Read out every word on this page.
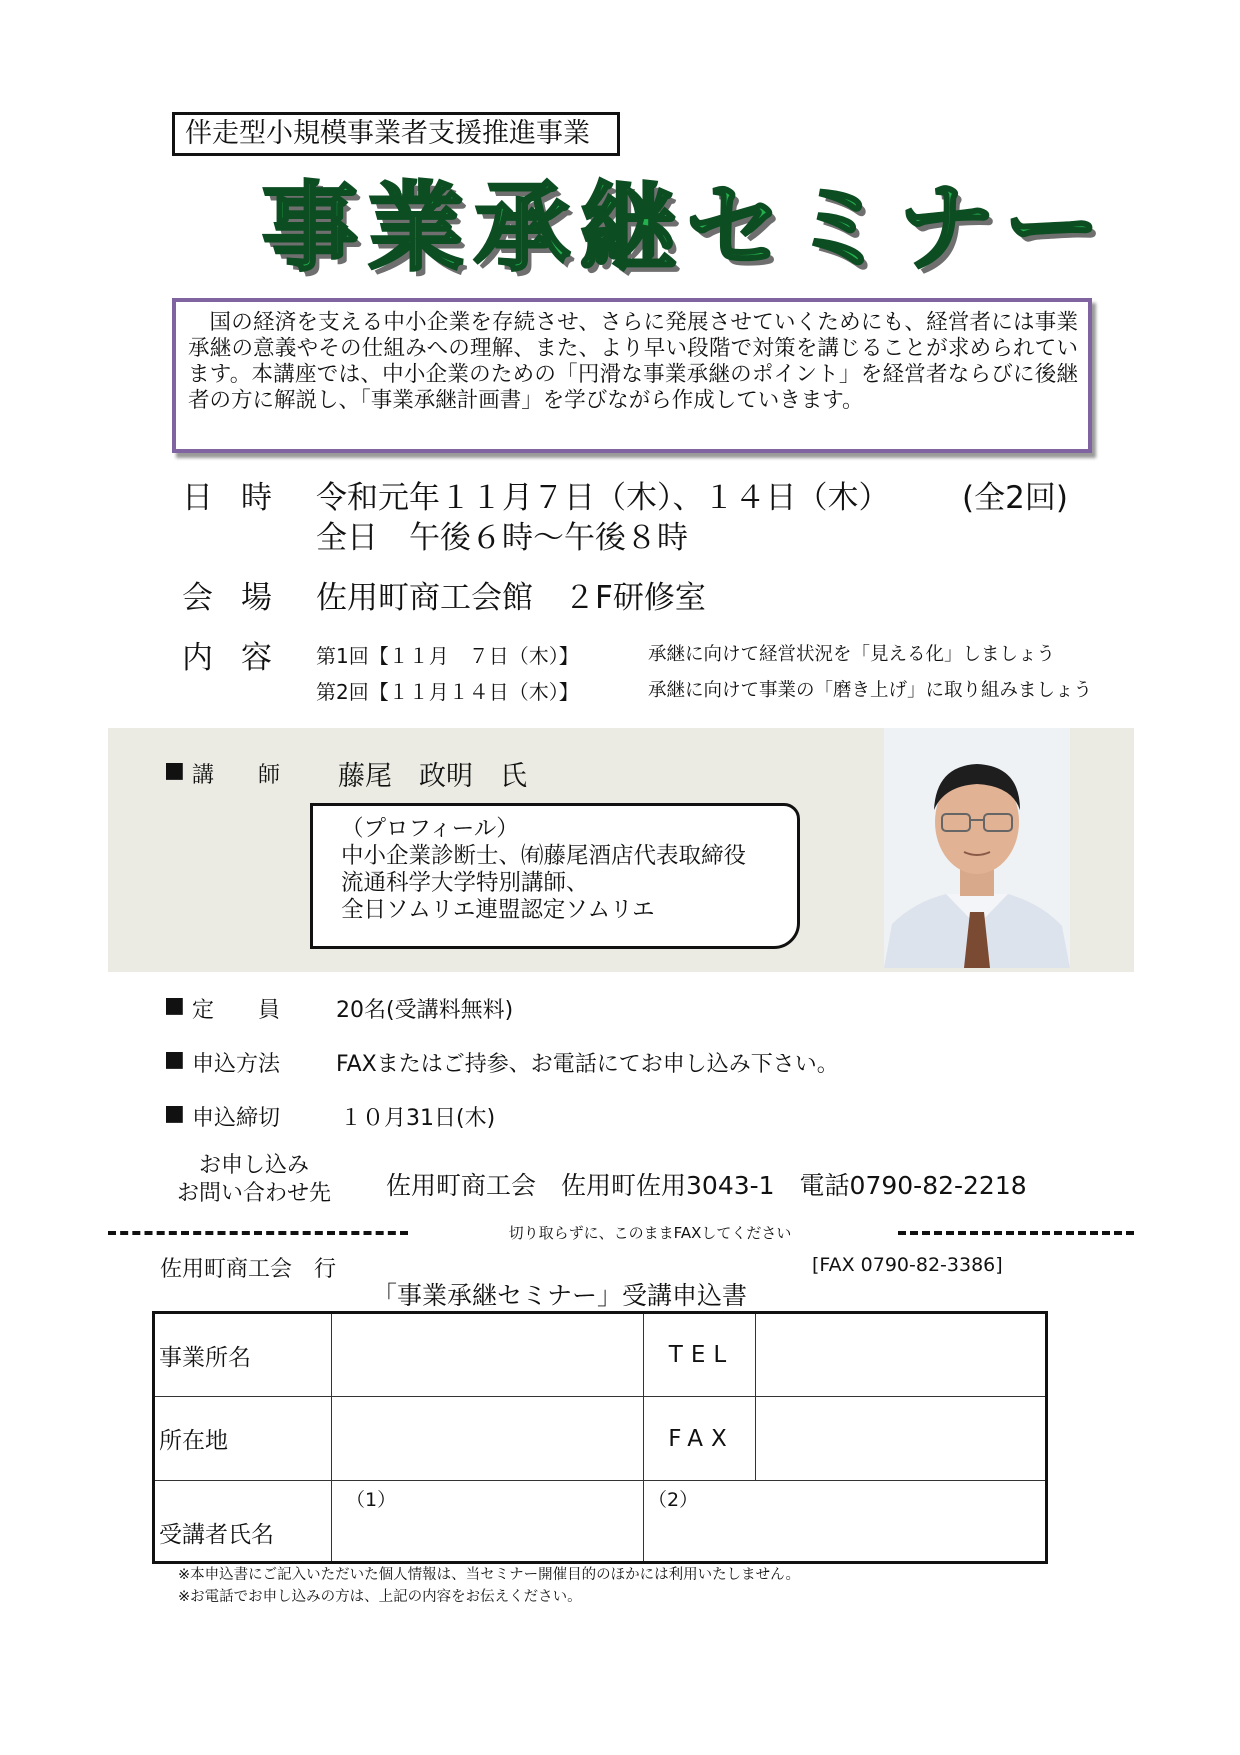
伴走型小規模事業者支援推進事業
事業承継セミナー

国の経済を支える中小企業を存続させ、さらに発展させていくためにも、経営者には事業承継の意義やその仕組みへの理解、また、より早い段階で対策を講じることが求められています。本講座では、中小企業のための「円滑な事業承継のポイント」を経営者ならびに後継者の方に解説し、「事業承継計画書」を学びながら作成していきます。

日時 令和元年１１月７日（木）、１４日（木） (全2回)
全日　午後６時～午後８時
会場 佐用町商工会館　２F研修室
内容 第1回【１１月　７日（木）】	承継に向けて経営状況を「見える化」しましょう
第2回【１１月１４日（木）】	承継に向けて事業の「磨き上げ」に取り組みましょう
■ 講　　師 藤尾　政明　氏
（プロフィール）
中小企業診断士、㈲藤尾酒店代表取締役
流通科学大学特別講師、
全日ソムリエ連盟認定ソムリエ
■ 定　　員	20名(受講料無料)
■ 申込方法	FAXまたはご持参、お電話にてお申し込み下さい。
■ 申込締切	１０月31日(木)
お申し込み
お問い合わせ先	佐用町商工会　佐用町佐用3043-1　電話0790-82-2218
切り取らずに、このままFAXしてください
佐用町商工会　行	[FAX 0790-82-3386]
「事業承継セミナー」受講申込書
事業所名		TEL	
所在地		FAX	
受講者氏名	（1）	（2）	
※本申込書にご記入いただいた個人情報は、当セミナー開催目的のほかには利用いたしません。
※お電話でお申し込みの方は、上記の内容をお伝えください。
